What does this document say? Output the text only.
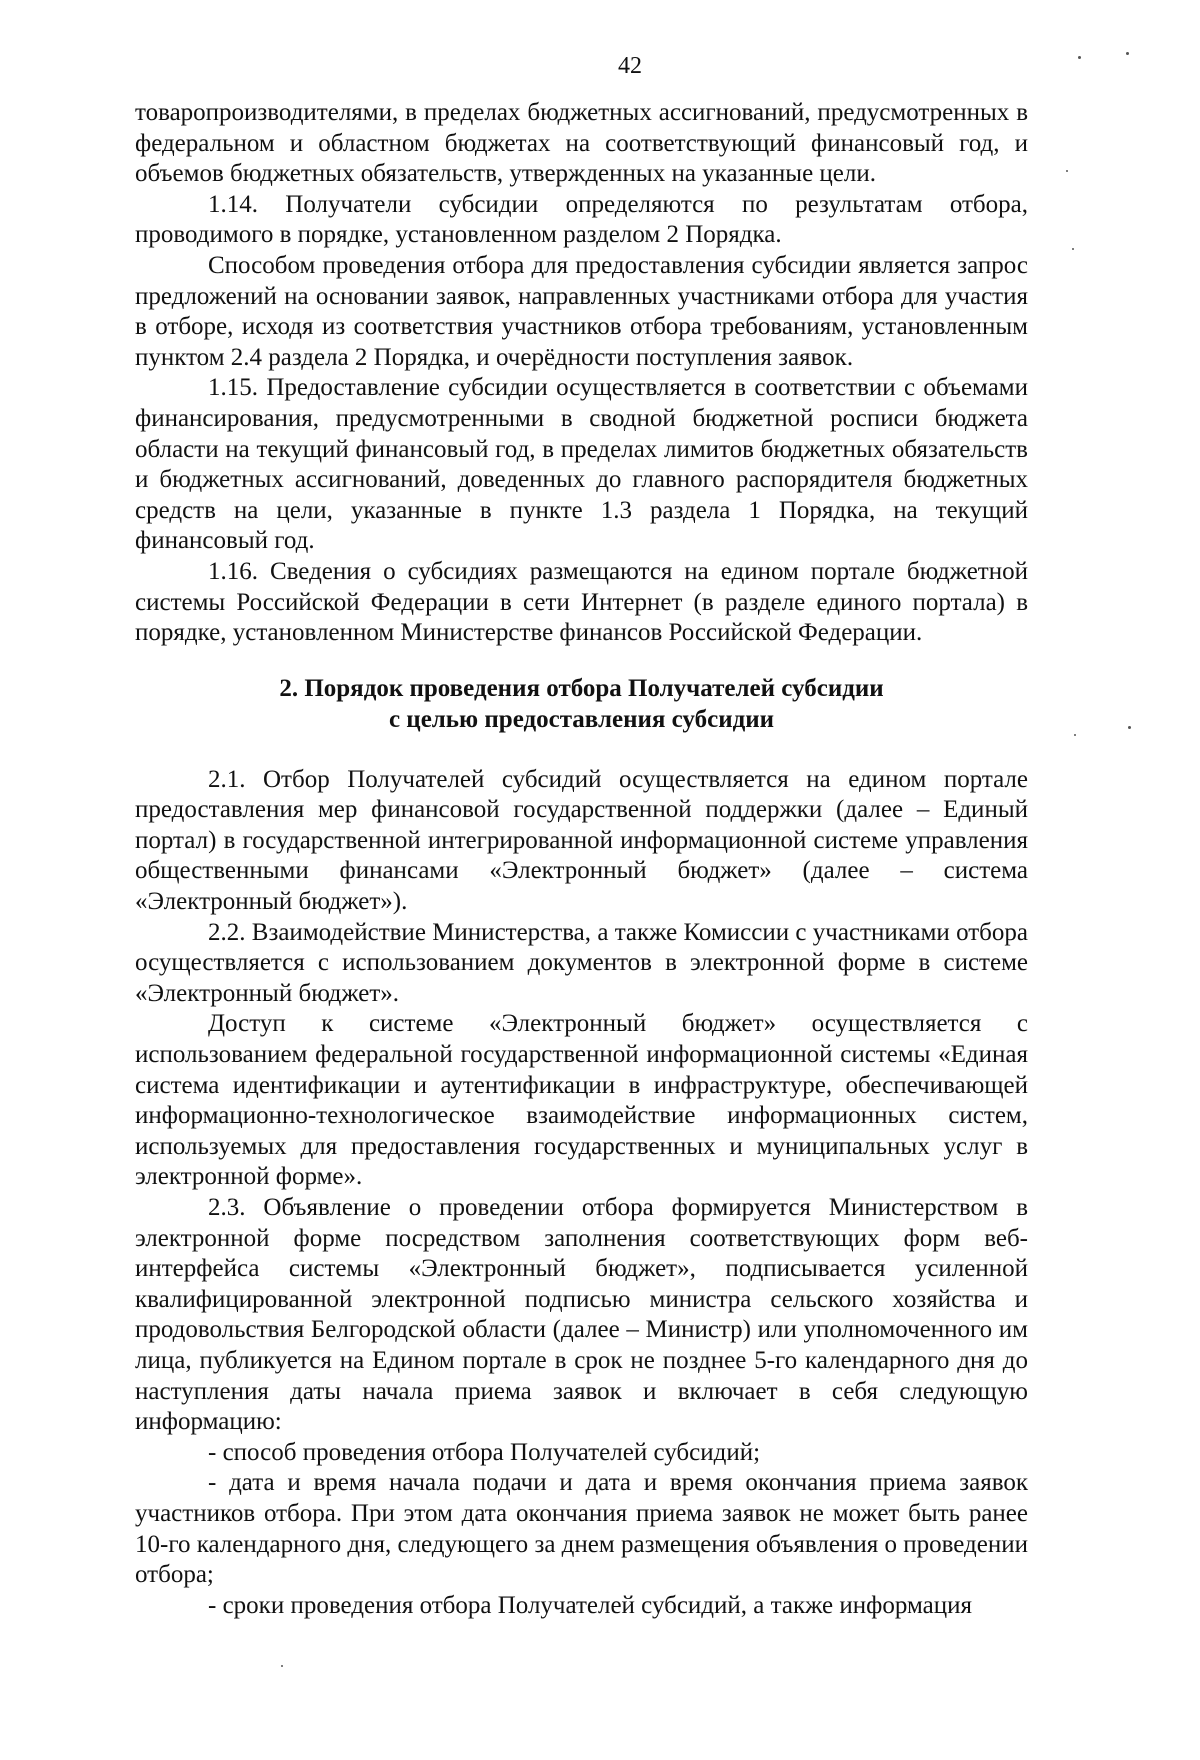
42

товаропроизводителями, в пределах бюджетных ассигнований, предусмотренных в федеральном и областном бюджетах на соответствующий финансовый год, и объемов бюджетных обязательств, утвержденных на указанные цели.

1.14. Получатели субсидии определяются по результатам отбора, проводимого в порядке, установленном разделом 2 Порядка.

Способом проведения отбора для предоставления субсидии является запрос предложений на основании заявок, направленных участниками отбора для участия в отборе, исходя из соответствия участников отбора требованиям, установленным пунктом 2.4 раздела 2 Порядка, и очерёдности поступления заявок.

1.15. Предоставление субсидии осуществляется в соответствии с объемами финансирования, предусмотренными в сводной бюджетной росписи бюджета области на текущий финансовый год, в пределах лимитов бюджетных обязательств и бюджетных ассигнований, доведенных до главного распорядителя бюджетных средств на цели, указанные в пункте 1.3 раздела 1 Порядка, на текущий финансовый год.

1.16. Сведения о субсидиях размещаются на едином портале бюджетной системы Российской Федерации в сети Интернет (в разделе единого портала) в порядке, установленном Министерстве финансов Российской Федерации.

2. Порядок проведения отбора Получателей субсидии
с целью предоставления субсидии

2.1. Отбор Получателей субсидий осуществляется на едином портале предоставления мер финансовой государственной поддержки (далее – Единый портал) в государственной интегрированной информационной системе управления общественными финансами «Электронный бюджет» (далее – система «Электронный бюджет»).

2.2. Взаимодействие Министерства, а также Комиссии с участниками отбора осуществляется с использованием документов в электронной форме в системе «Электронный бюджет».

Доступ к системе «Электронный бюджет» осуществляется с использованием федеральной государственной информационной системы «Единая система идентификации и аутентификации в инфраструктуре, обеспечивающей информационно-технологическое взаимодействие информационных систем, используемых для предоставления государственных и муниципальных услуг в электронной форме».

2.3. Объявление о проведении отбора формируется Министерством в электронной форме посредством заполнения соответствующих форм веб-интерфейса системы «Электронный бюджет», подписывается усиленной квалифицированной электронной подписью министра сельского хозяйства и продовольствия Белгородской области (далее – Министр) или уполномоченного им лица, публикуется на Едином портале в срок не позднее 5-го календарного дня до наступления даты начала приема заявок и включает в себя следующую информацию:

- способ проведения отбора Получателей субсидий;

- дата и время начала подачи и дата и время окончания приема заявок участников отбора. При этом дата окончания приема заявок не может быть ранее 10-го календарного дня, следующего за днем размещения объявления о проведении отбора;

- сроки проведения отбора Получателей субсидий, а также информация
